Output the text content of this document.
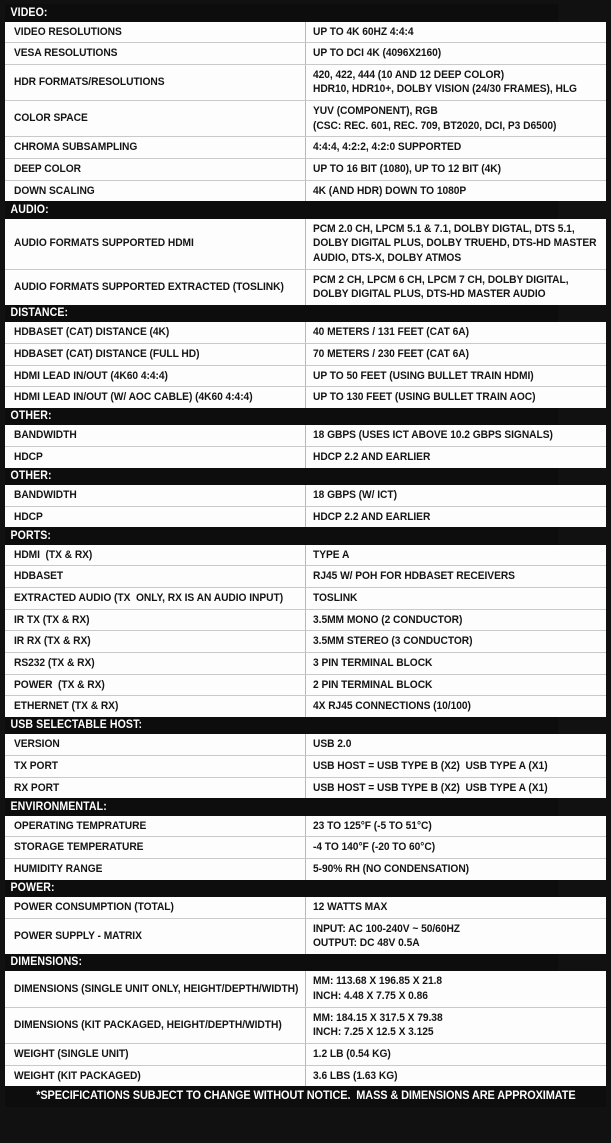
VIDEO:	

VIDEO RESOLUTIONS	UP TO 4K 60HZ 4:4:4

VESA RESOLUTIONS	UP TO DCI 4K (4096X2160)

HDR FORMATS/RESOLUTIONS	420, 422, 444 (10 AND 12 DEEP COLOR)
HDR10, HDR10+, DOLBY VISION (24/30 FRAMES), HLG

COLOR SPACE	YUV (COMPONENT), RGB
(CSC: REC. 601, REC. 709, BT2020, DCI, P3 D6500)

CHROMA SUBSAMPLING	4:4:4, 4:2:2, 4:2:0 SUPPORTED

DEEP COLOR	UP TO 16 BIT (1080), UP TO 12 BIT (4K)

DOWN SCALING	4K (AND HDR) DOWN TO 1080P

AUDIO:	

AUDIO FORMATS SUPPORTED HDMI	PCM 2.0 CH, LPCM 5.1 & 7.1, DOLBY DIGTAL, DTS 5.1,
DOLBY DIGITAL PLUS, DOLBY TRUEHD, DTS-HD MASTER
AUDIO, DTS-X, DOLBY ATMOS

AUDIO FORMATS SUPPORTED EXTRACTED (TOSLINK)	PCM 2 CH, LPCM 6 CH, LPCM 7 CH, DOLBY DIGITAL,
DOLBY DIGITAL PLUS, DTS-HD MASTER AUDIO

DISTANCE:	

HDBASET (CAT) DISTANCE (4K)	40 METERS / 131 FEET (CAT 6A)

HDBASET (CAT) DISTANCE (FULL HD)	70 METERS / 230 FEET (CAT 6A)

HDMI LEAD IN/OUT (4K60 4:4:4)	UP TO 50 FEET (USING BULLET TRAIN HDMI)

HDMI LEAD IN/OUT (W/ AOC CABLE) (4K60 4:4:4)	UP TO 130 FEET (USING BULLET TRAIN AOC)

OTHER:	

BANDWIDTH	18 GBPS (USES ICT ABOVE 10.2 GBPS SIGNALS)

HDCP	HDCP 2.2 AND EARLIER

OTHER:	

BANDWIDTH	18 GBPS (W/ ICT)

HDCP	HDCP 2.2 AND EARLIER

PORTS:	

HDMI  (TX & RX)	TYPE A

HDBASET	RJ45 W/ POH FOR HDBASET RECEIVERS

EXTRACTED AUDIO (TX  ONLY, RX IS AN AUDIO INPUT)	TOSLINK

IR TX (TX & RX)	3.5MM MONO (2 CONDUCTOR)

IR RX (TX & RX)	3.5MM STEREO (3 CONDUCTOR)

RS232 (TX & RX)	3 PIN TERMINAL BLOCK

POWER  (TX & RX)	2 PIN TERMINAL BLOCK

ETHERNET (TX & RX)	4X RJ45 CONNECTIONS (10/100)

USB SELECTABLE HOST:	

VERSION	USB 2.0

TX PORT	USB HOST = USB TYPE B (X2)  USB TYPE A (X1)

RX PORT	USB HOST = USB TYPE B (X2)  USB TYPE A (X1)

ENVIRONMENTAL:	

OPERATING TEMPRATURE	23 TO 125°F (-5 TO 51°C)

STORAGE TEMPERATURE	-4 TO 140°F (-20 TO 60°C)

HUMIDITY RANGE	5-90% RH (NO CONDENSATION)

POWER:	

POWER CONSUMPTION (TOTAL)	12 WATTS MAX

POWER SUPPLY - MATRIX	INPUT: AC 100-240V ~ 50/60HZ
OUTPUT: DC 48V 0.5A

DIMENSIONS:	

DIMENSIONS (SINGLE UNIT ONLY, HEIGHT/DEPTH/WIDTH)	MM: 113.68 X 196.85 X 21.8
INCH: 4.48 X 7.75 X 0.86

DIMENSIONS (KIT PACKAGED, HEIGHT/DEPTH/WIDTH)	MM: 184.15 X 317.5 X 79.38
INCH: 7.25 X 12.5 X 3.125

WEIGHT (SINGLE UNIT)	1.2 LB (0.54 KG)

WEIGHT (KIT PACKAGED)	3.6 LBS (1.63 KG)
*SPECIFICATIONS SUBJECT TO CHANGE WITHOUT NOTICE.  MASS & DIMENSIONS ARE APPROXIMATE
